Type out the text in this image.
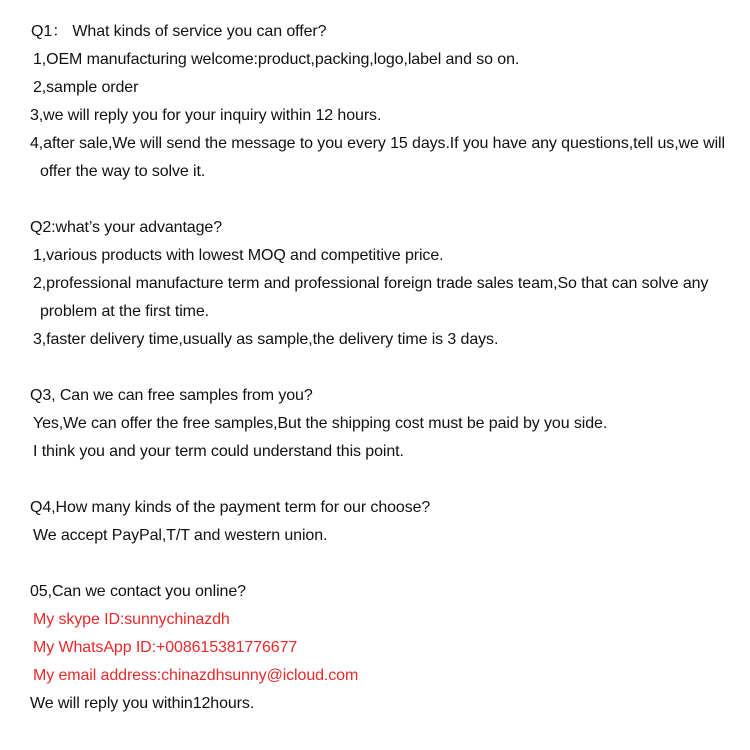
Q1： What kinds of service you can offer?
1,OEM manufacturing welcome:product,packing,logo,label and so on.
2,sample order
3,we will reply you for your inquiry within 12 hours.
4,after sale,We will send the message to you every 15 days.If you have any questions,tell us,we will
offer the way to solve it.
Q2:what’s your advantage?
1,various products with lowest MOQ and competitive price.
2,professional manufacture term and professional foreign trade sales team,So that can solve any
problem at the first time.
3,faster delivery time,usually as sample,the delivery time is 3 days.
Q3, Can we can free samples from you?
Yes,We can offer the free samples,But the shipping cost must be paid by you side.
I think you and your term could understand this point.
Q4,How many kinds of the payment term for our choose?
We accept PayPal,T/T and western union.
05,Can we contact you online?
My skype ID:sunnychinazdh
My WhatsApp ID:+008615381776677
My email address:chinazdhsunny@icloud.com
We will reply you within12hours.
